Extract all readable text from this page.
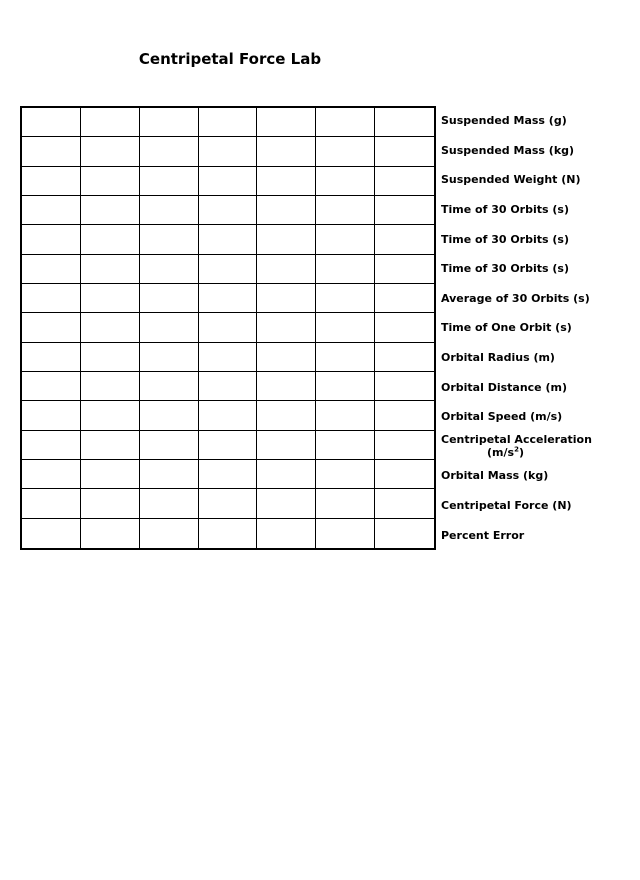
Centripetal Force Lab
Suspended Mass (g)
Suspended Mass (kg)
Suspended Weight (N)
Time of 30 Orbits (s)
Time of 30 Orbits (s)
Time of 30 Orbits (s)
Average of 30 Orbits (s)
Time of One Orbit (s)
Orbital Radius (m)
Orbital Distance (m)
Orbital Speed (m/s)
Centripetal Acceleration
$(m/s^2)$
Orbital Mass (kg)
Centripetal Force (N)
Percent Error
